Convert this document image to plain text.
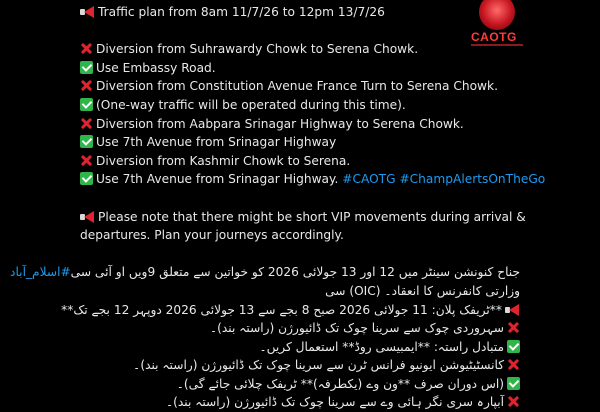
CAOTG
Traffic plan from 8am 11/7/26 to 12pm 13/7/26
Diversion from Suhrawardy Chowk to Serena Chowk.
Use Embassy Road.
Diversion from Constitution Avenue France Turn to Serena Chowk.
(One-way traffic will be operated during this time).
Diversion from Aabpara Srinagar Highway to Serena Chowk.
Use 7th Avenue from Srinagar Highway
Diversion from Kashmir Chowk to Serena.
Use 7th Avenue from Srinagar Highway. #CAOTG #ChampAlertsOnTheGo
Please note that there might be short VIP movements during arrival &
departures. Plan your journeys accordingly.
جناح کنونشن سینٹر میں 12 اور 13 جولائی 2026 کو خواتین سے متعلق 9ویں او آئی سی#اسلام_آباد
وزارتی کانفرنس کا انعقاد۔ (OIC) سی
**ٹریفک پلان: 11 جولائی 2026 صبح 8 بجے سے 13 جولائی 2026 دوپہر 12 بجے تک**
سہروردی چوک سے سرینا چوک تک ڈائیورژن (راستہ بند)۔
متبادل راستہ: **ایمبیسی روڈ** استعمال کریں۔
کانسٹیٹیوشن ایونیو فرانس ٹرن سے سرینا چوک تک ڈائیورژن (راستہ بند)۔
(اس دوران صرف **ون وے (یکطرفہ)** ٹریفک چلائی جائے گی)۔
آبپارہ سری نگر ہائی وے سے سرینا چوک تک ڈائیورژن (راستہ بند)۔
